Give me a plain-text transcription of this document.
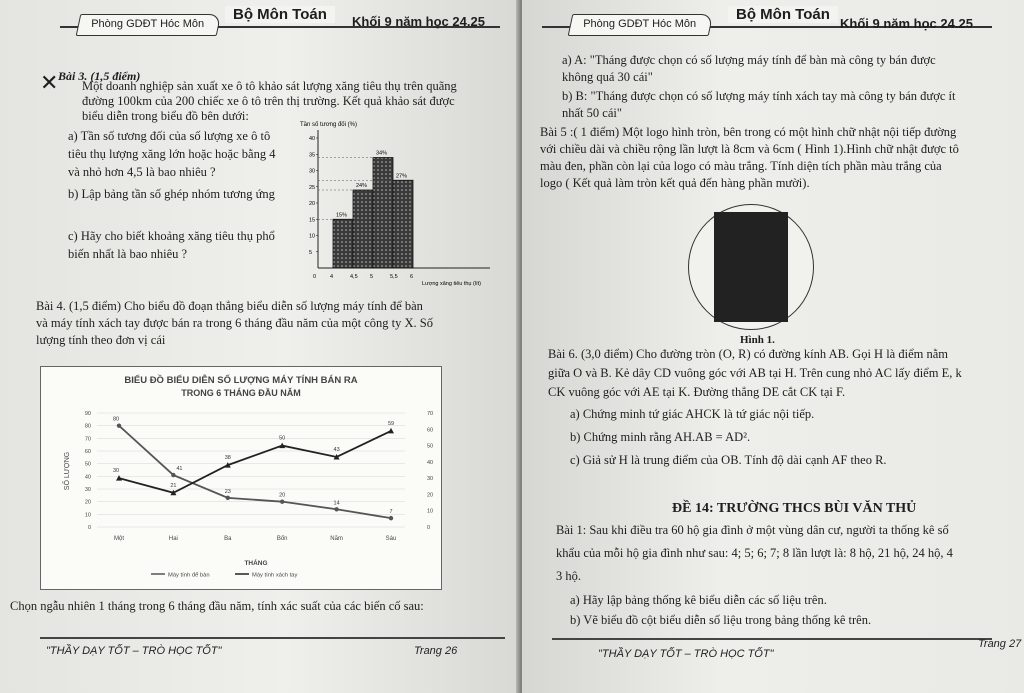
Phòng GDĐT Hóc Môn
Bộ Môn Toán	Khối 9 năm học 24.25
✕ Bài 3. (1,5 điểm)
Một doanh nghiệp sản xuất xe ô tô khảo sát lượng xăng tiêu thụ trên quãng
đường 100km của 200 chiếc xe ô tô trên thị trường. Kết quả khảo sát được
biểu diễn trong biểu đồ bên dưới:
a) Tần số tương đối của số lượng xe ô tô
tiêu thụ lượng xăng lớn hoặc hoặc bằng 4
và nhỏ hơn 4,5 là bao nhiêu ?
b) Lập bảng tần số ghép nhóm tương ứng
c) Hãy cho biết khoảng xăng tiêu thụ phổ
biến nhất là bao nhiêu ?
Tần số tương đối (%)
Lượng xăng tiêu thụ (lít)
5
10
15
20
25
30
35
40
0	4	4,5 5	5,5 6
15%
24%
34%
27%
Bài 4. (1,5 điểm) Cho biểu đồ đoạn thẳng biểu diễn số lượng máy tính để bàn
và máy tính xách tay được bán ra trong 6 tháng đầu năm của một công ty X. Số
lượng tính theo đơn vị cái
BIỂU ĐỒ BIỂU DIỄN SỐ LƯỢNG MÁY TÍNH BÁN RA
TRONG 6 THÁNG ĐẦU NĂM
0
10
20
30
40
50
60
70
80
90
0
10
20
30
40
50
60
70
SỐ LƯỢNG
Một	Hai	Ba	Bốn	Năm	Sáu
THÁNG
80
41
23
20
14
7
Máy tính để bàn
30
21
38
50
43
59
Máy tính xách tay
Chọn ngẫu nhiên 1 tháng trong 6 tháng đầu năm, tính xác suất của các biến cố sau:
"THẦY DẠY TỐT – TRÒ HỌC TỐT"	Trang 26
Phòng GDĐT Hóc Môn
Bộ Môn Toán
Khối 9 năm học 24.25
a) A: "Tháng được chọn có số lượng máy tính để bàn mà công ty bán được
không quá 30 cái"
b) B: "Tháng được chọn có số lượng máy tính xách tay mà công ty bán được ít
nhất 50 cái"
Bài 5 :( 1 điểm) Một logo hình tròn, bên trong có một hình chữ nhật nội tiếp đường
với chiều dài và chiều rộng lần lượt là 8cm và 6cm ( Hình 1).Hình chữ nhật được tô
màu đen, phần còn lại của logo có màu trắng. Tính diện tích phần màu trắng của
logo ( Kết quả làm tròn kết quả đến hàng phần mười).
Hình 1.
Bài 6. (3,0 điểm) Cho đường tròn (O, R) có đường kính AB. Gọi H là điểm nằm
giữa O và B. Kẻ dây CD vuông góc với AB tại H. Trên cung nhỏ AC lấy điểm E, k
CK vuông góc với AE tại K. Đường thẳng DE cắt CK tại F.
a) Chứng minh tứ giác AHCK là tứ giác nội tiếp.
b) Chứng minh rằng AH.AB = AD².
c) Giả sử H là trung điểm của OB. Tính độ dài cạnh AF theo R.
ĐỀ 14: TRƯỜNG THCS BÙI VĂN THỦ
Bài 1: Sau khi điều tra 60 hộ gia đình ở một vùng dân cư, người ta thống kê số
khẩu của mỗi hộ gia đình như sau: 4; 5; 6; 7; 8 lần lượt là: 8 hộ, 21 hộ, 24 hộ, 4
3 hộ.
a) Hãy lập bảng thống kê biểu diễn các số liệu trên.
b) Vẽ biểu đồ cột biểu diễn số liệu trong bảng thống kê trên.
"THẦY DẠY TỐT – TRÒ HỌC TỐT"
Trang 27
